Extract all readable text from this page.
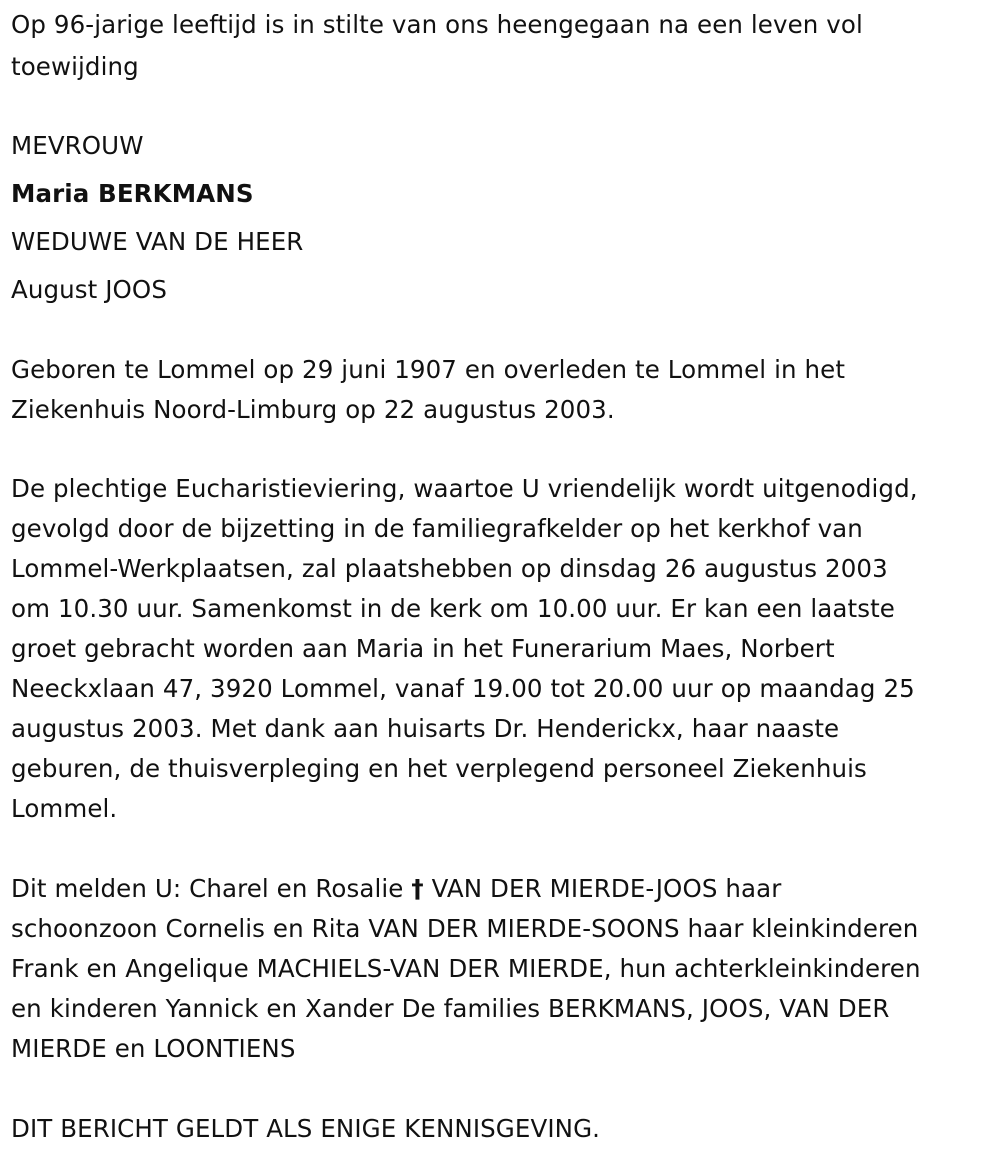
Op 96-jarige leeftijd is in stilte van ons heengegaan na een leven vol

toewijding

MEVROUW

Maria BERKMANS

WEDUWE VAN DE HEER

August JOOS

Geboren te Lommel op 29 juni 1907 en overleden te Lommel in het

Ziekenhuis Noord-Limburg op 22 augustus 2003.

De plechtige Eucharistieviering, waartoe U vriendelijk wordt uitgenodigd,

gevolgd door de bijzetting in de familiegrafkelder op het kerkhof van

Lommel-Werkplaatsen, zal plaatshebben op dinsdag 26 augustus 2003

om 10.30 uur. Samenkomst in de kerk om 10.00 uur. Er kan een laatste

groet gebracht worden aan Maria in het Funerarium Maes, Norbert

Neeckxlaan 47, 3920 Lommel, vanaf 19.00 tot 20.00 uur op maandag 25

augustus 2003. Met dank aan huisarts Dr. Henderickx, haar naaste

geburen, de thuisverpleging en het verplegend personeel Ziekenhuis

Lommel.

Dit melden U: Charel en Rosalie † VAN DER MIERDE-JOOS haar

schoonzoon Cornelis en Rita VAN DER MIERDE-SOONS haar kleinkinderen

Frank en Angelique MACHIELS-VAN DER MIERDE, hun achterkleinkinderen

en kinderen Yannick en Xander De families BERKMANS, JOOS, VAN DER

MIERDE en LOONTIENS

DIT BERICHT GELDT ALS ENIGE KENNISGEVING.
